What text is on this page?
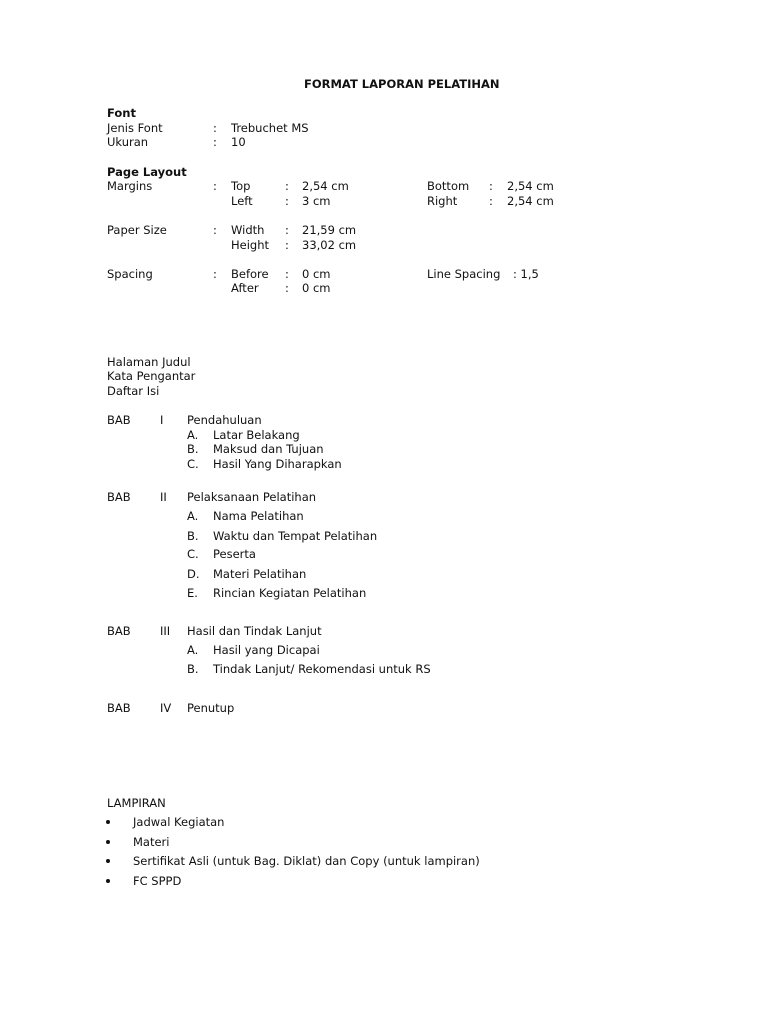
FORMAT LAPORAN PELATIHAN
Font
Jenis Font	: Trebuchet MS
Ukuran	: 10
Page Layout
Margins	: Top	: 2,54 cm	Bottom : 2,54 cm
Left	: 3 cm	Right	: 2,54 cm
Paper Size	: Width : 21,59 cm
Height : 33,02 cm
Spacing	: Before : 0 cm	Line Spacing : 1,5
After : 0 cm
Halaman Judul
Kata Pengantar
Daftar Isi
BAB	I Pendahuluan
A. Latar Belakang
B. Maksud dan Tujuan
C. Hasil Yang Diharapkan
BAB	II Pelaksanaan Pelatihan
A. Nama Pelatihan
B. Waktu dan Tempat Pelatihan
C. Peserta
D. Materi Pelatihan
E. Rincian Kegiatan Pelatihan
BAB	III Hasil dan Tindak Lanjut
A. Hasil yang Dicapai
B. Tindak Lanjut/ Rekomendasi untuk RS
BAB	IV Penutup
LAMPIRAN
Jadwal Kegiatan
Materi
Sertifikat Asli (untuk Bag. Diklat) dan Copy (untuk lampiran)
FC SPPD
